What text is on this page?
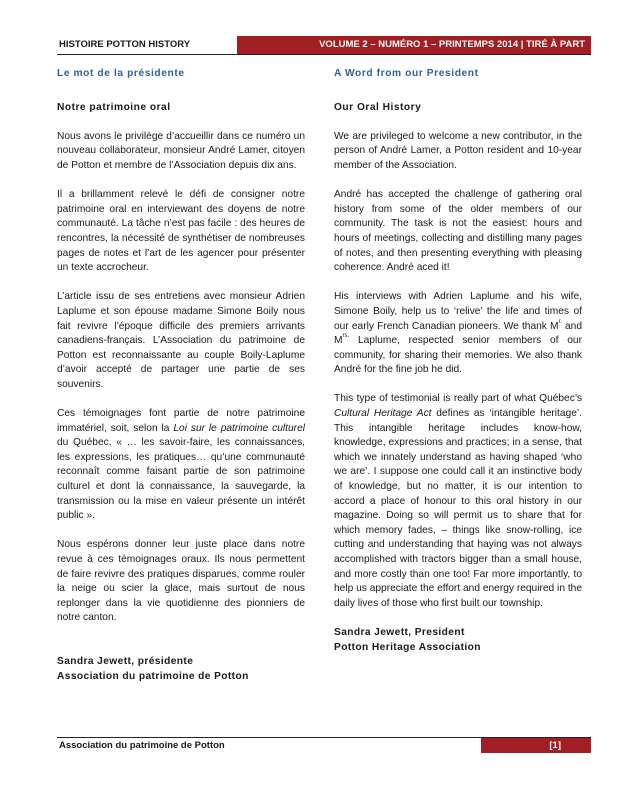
HISTOIRE POTTON HISTORY	VOLUME 2 – NUMÉRO 1 – PRINTEMPS 2014 | TIRÉ À PART
Le mot de la présidente
Notre patrimoine oral

Nous avons le privilège d’accueillir dans ce numéro un nouveau collaborateur, monsieur André Lamer, citoyen de Potton et membre de l’Association depuis dix ans.

Il a brillamment relevé le défi de consigner notre patrimoine oral en interviewant des doyens de notre communauté. La tâche n’est pas facile : des heures de rencontres, la nécessité de synthétiser de nombreuses pages de notes et l’art de les agencer pour présenter un texte accrocheur.

L’article issu de ses entretiens avec monsieur Adrien Laplume et son épouse madame Simone Boily nous fait revivre l’époque difficile des premiers arrivants canadiens-français. L’Association du patrimoine de Potton est reconnaissante au couple Boily-Laplume d’avoir accepté de partager une partie de ses souvenirs.

Ces témoignages font partie de notre patrimoine immatériel, soit, selon la Loi sur le patrimoine culturel du Québec, « … les savoir-faire, les connaissances, les expressions, les pratiques… qu’une communauté reconnaît comme faisant partie de son patrimoine culturel et dont la connaissance, la sauvegarde, la transmission ou la mise en valeur présente un intérêt public ».

Nous espérons donner leur juste place dans notre revue à ces témoignages oraux. Ils nous permettent de faire revivre des pratiques disparues, comme rouler la neige ou scier la glace, mais surtout de nous replonger dans la vie quotidienne des pionniers de notre canton.

Sandra Jewett, présidente
Association du patrimoine de Potton
A Word from our President
Our Oral History

We are privileged to welcome a new contributor, in the person of André Lamer, a Potton resident and 10-year member of the Association.

André has accepted the challenge of gathering oral history from some of the older members of our community. The task is not the easiest: hours and hours of meetings, collecting and distilling many pages of notes, and then presenting everything with pleasing coherence. André aced it!

His interviews with Adrien Laplume and his wife, Simone Boily, help us to ‘relive’ the life and times of our early French Canadian pioneers. We thank $M^{r.}$ and $M^{rs.}$ Laplume, respected senior members of our community, for sharing their memories. We also thank André for the fine job he did.

This type of testimonial is really part of what Québec’s Cultural Heritage Act defines as ‘intangible heritage’. This intangible heritage includes know-how, knowledge, expressions and practices; in a sense, that which we innately understand as having shaped ‘who we are’. I suppose one could call it an instinctive body of knowledge, but no matter, it is our intention to accord a place of honour to this oral history in our magazine. Doing so will permit us to share that for which memory fades, – things like snow-rolling, ice cutting and understanding that haying was not always accomplished with tractors bigger than a small house, and more costly than one too! Far more importantly, to help us appreciate the effort and energy required in the daily lives of those who first built our township.

Sandra Jewett, President
Potton Heritage Association
Association du patrimoine de Potton	[1]
